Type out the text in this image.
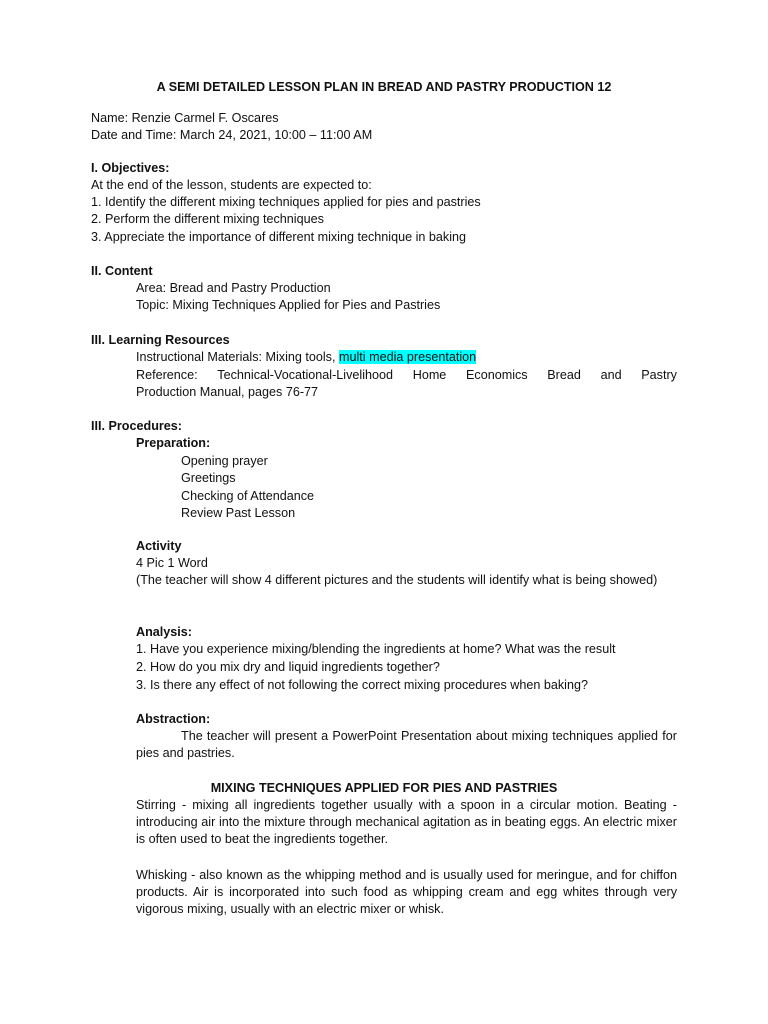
A SEMI DETAILED LESSON PLAN IN BREAD AND PASTRY PRODUCTION 12
Name: Renzie Carmel F. Oscares
Date and Time: March 24, 2021, 10:00 – 11:00 AM
I. Objectives:
At the end of the lesson, students are expected to:
1. Identify the different mixing techniques applied for pies and pastries
2. Perform the different mixing techniques
3. Appreciate the importance of different mixing technique in baking
II. Content
Area: Bread and Pastry Production
Topic: Mixing Techniques Applied for Pies and Pastries
III. Learning Resources
Instructional Materials: Mixing tools, multi media presentation
Reference: Technical-Vocational-Livelihood Home Economics Bread and Pastry
Production Manual, pages 76-77
III. Procedures:
Preparation:
Opening prayer
Greetings
Checking of Attendance
Review Past Lesson
Activity
4 Pic 1 Word
(The teacher will show 4 different pictures and the students will identify what is being showed)
Analysis:
1. Have you experience mixing/blending the ingredients at home? What was the result
2. How do you mix dry and liquid ingredients together?
3. Is there any effect of not following the correct mixing procedures when baking?
Abstraction:
The teacher will present a PowerPoint Presentation about mixing techniques applied for pies and pastries.
MIXING TECHNIQUES APPLIED FOR PIES AND PASTRIES
Stirring - mixing all ingredients together usually with a spoon in a circular motion. Beating - introducing air into the mixture through mechanical agitation as in beating eggs. An electric mixer is often used to beat the ingredients together.
Whisking - also known as the whipping method and is usually used for meringue, and for chiffon products. Air is incorporated into such food as whipping cream and egg whites through very vigorous mixing, usually with an electric mixer or whisk.
